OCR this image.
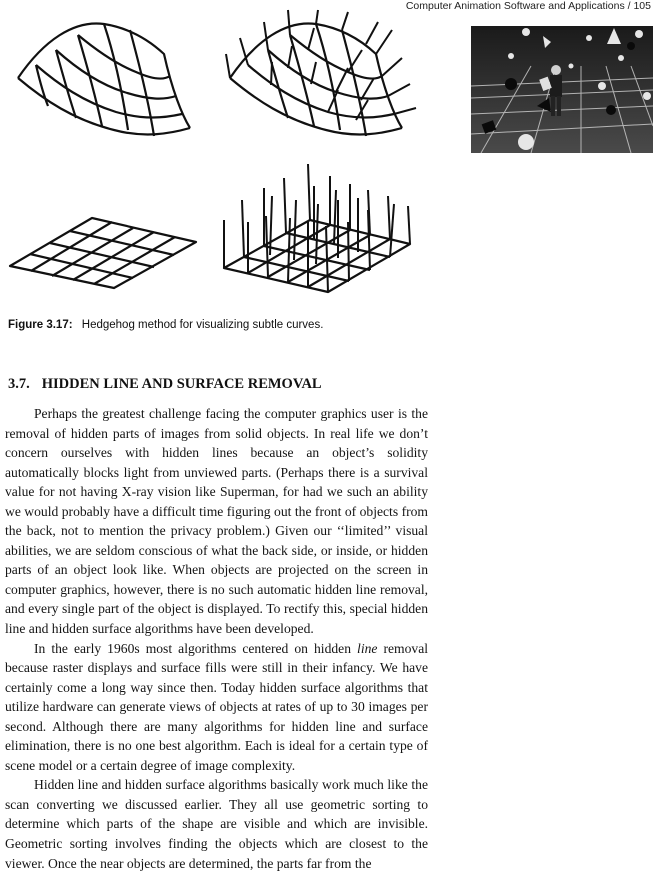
Computer Animation Software and Applications / 105
Figure 3.17: Hedgehog method for visualizing subtle curves.
3.7. HIDDEN LINE AND SURFACE REMOVAL

Perhaps the greatest challenge facing the computer graphics user is the removal of hidden parts of images from solid objects. In real life we don’t concern ourselves with hidden lines because an object’s solidity automatically blocks light from unviewed parts. (Perhaps there is a survival value for not having X-ray vision like Superman, for had we such an ability we would probably have a difficult time figuring out the front of objects from the back, not to mention the privacy problem.) Given our ‘‘limited’’ visual abilities, we are seldom conscious of what the back side, or inside, or hidden parts of an object look like. When objects are projected on the screen in computer graphics, however, there is no such automatic hidden line removal, and every single part of the object is displayed. To rectify this, special hidden line and hidden surface algorithms have been developed.

In the early 1960s most algorithms centered on hidden line removal because raster displays and surface fills were still in their infancy. We have certainly come a long way since then. Today hidden surface algorithms that utilize hardware can generate views of objects at rates of up to 30 images per second. Although there are many algorithms for hidden line and surface elimination, there is no one best algorithm. Each is ideal for a certain type of scene model or a certain degree of image complexity.

Hidden line and hidden surface algorithms basically work much like the scan converting we discussed earlier. They all use geometric sorting to determine which parts of the shape are visible and which are invisible. Geometric sorting involves finding the objects which are closest to the viewer. Once the near objects are determined, the parts far from the
